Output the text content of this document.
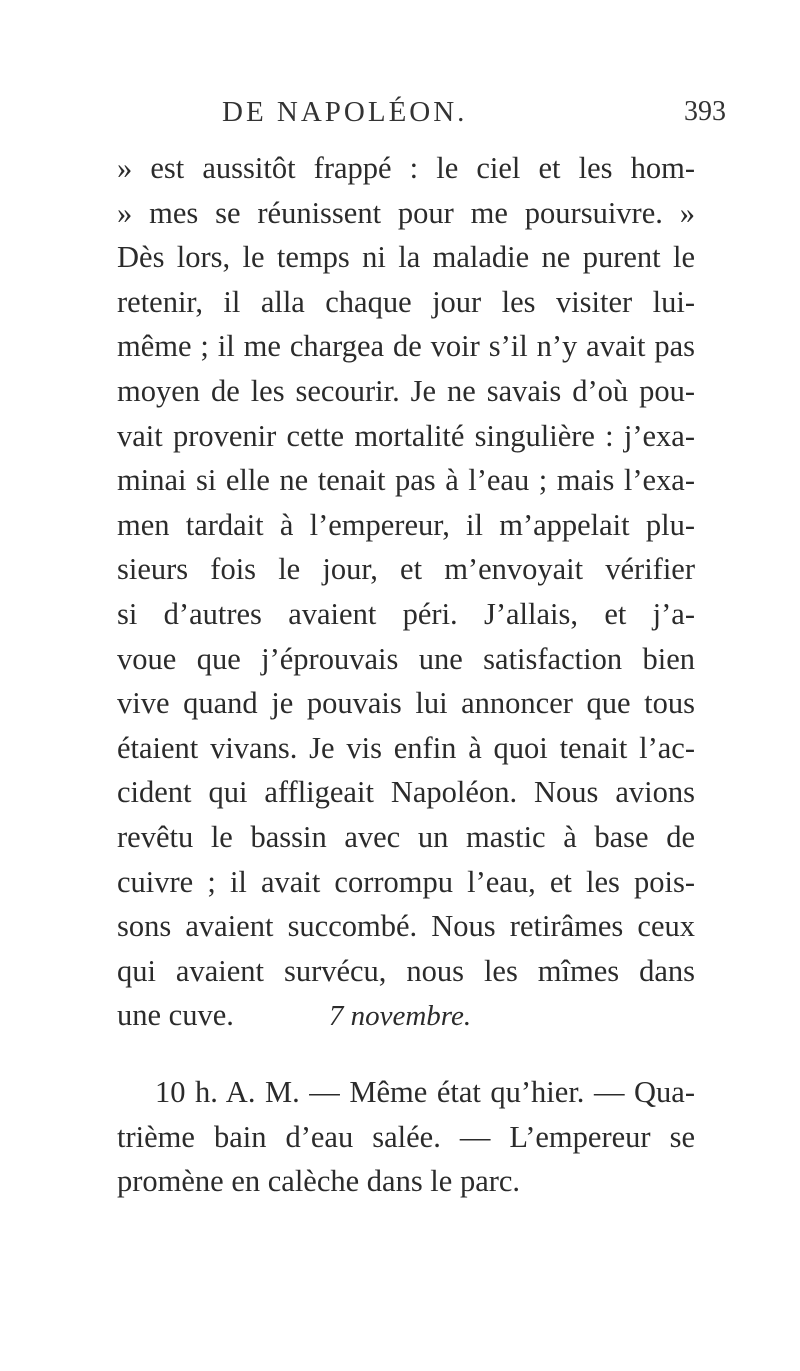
DE NAPOLÉON.	393
» est aussitôt frappé : le ciel et les hom-
» mes se réunissent pour me poursuivre. »
Dès lors, le temps ni la maladie ne purent le
retenir, il alla chaque jour les visiter lui-
même ; il me chargea de voir s’il n’y avait pas
moyen de les secourir. Je ne savais d’où pou-
vait provenir cette mortalité singulière : j’exa-
minai si elle ne tenait pas à l’eau ; mais l’exa-
men tardait à l’empereur, il m’appelait plu-
sieurs fois le jour, et m’envoyait vérifier
si d’autres avaient péri. J’allais, et j’a-
voue que j’éprouvais une satisfaction bien
vive quand je pouvais lui annoncer que tous
étaient vivans. Je vis enfin à quoi tenait l’ac-
cident qui affligeait Napoléon. Nous avions
revêtu le bassin avec un mastic à base de
cuivre ; il avait corrompu l’eau, et les pois-
sons avaient succombé. Nous retirâmes ceux
qui avaient survécu, nous les mîmes dans
une cuve.	7 novembre.
10 h. A. M. — Même état qu’hier. — Qua-
trième bain d’eau salée. — L’empereur se
promène en calèche dans le parc.
